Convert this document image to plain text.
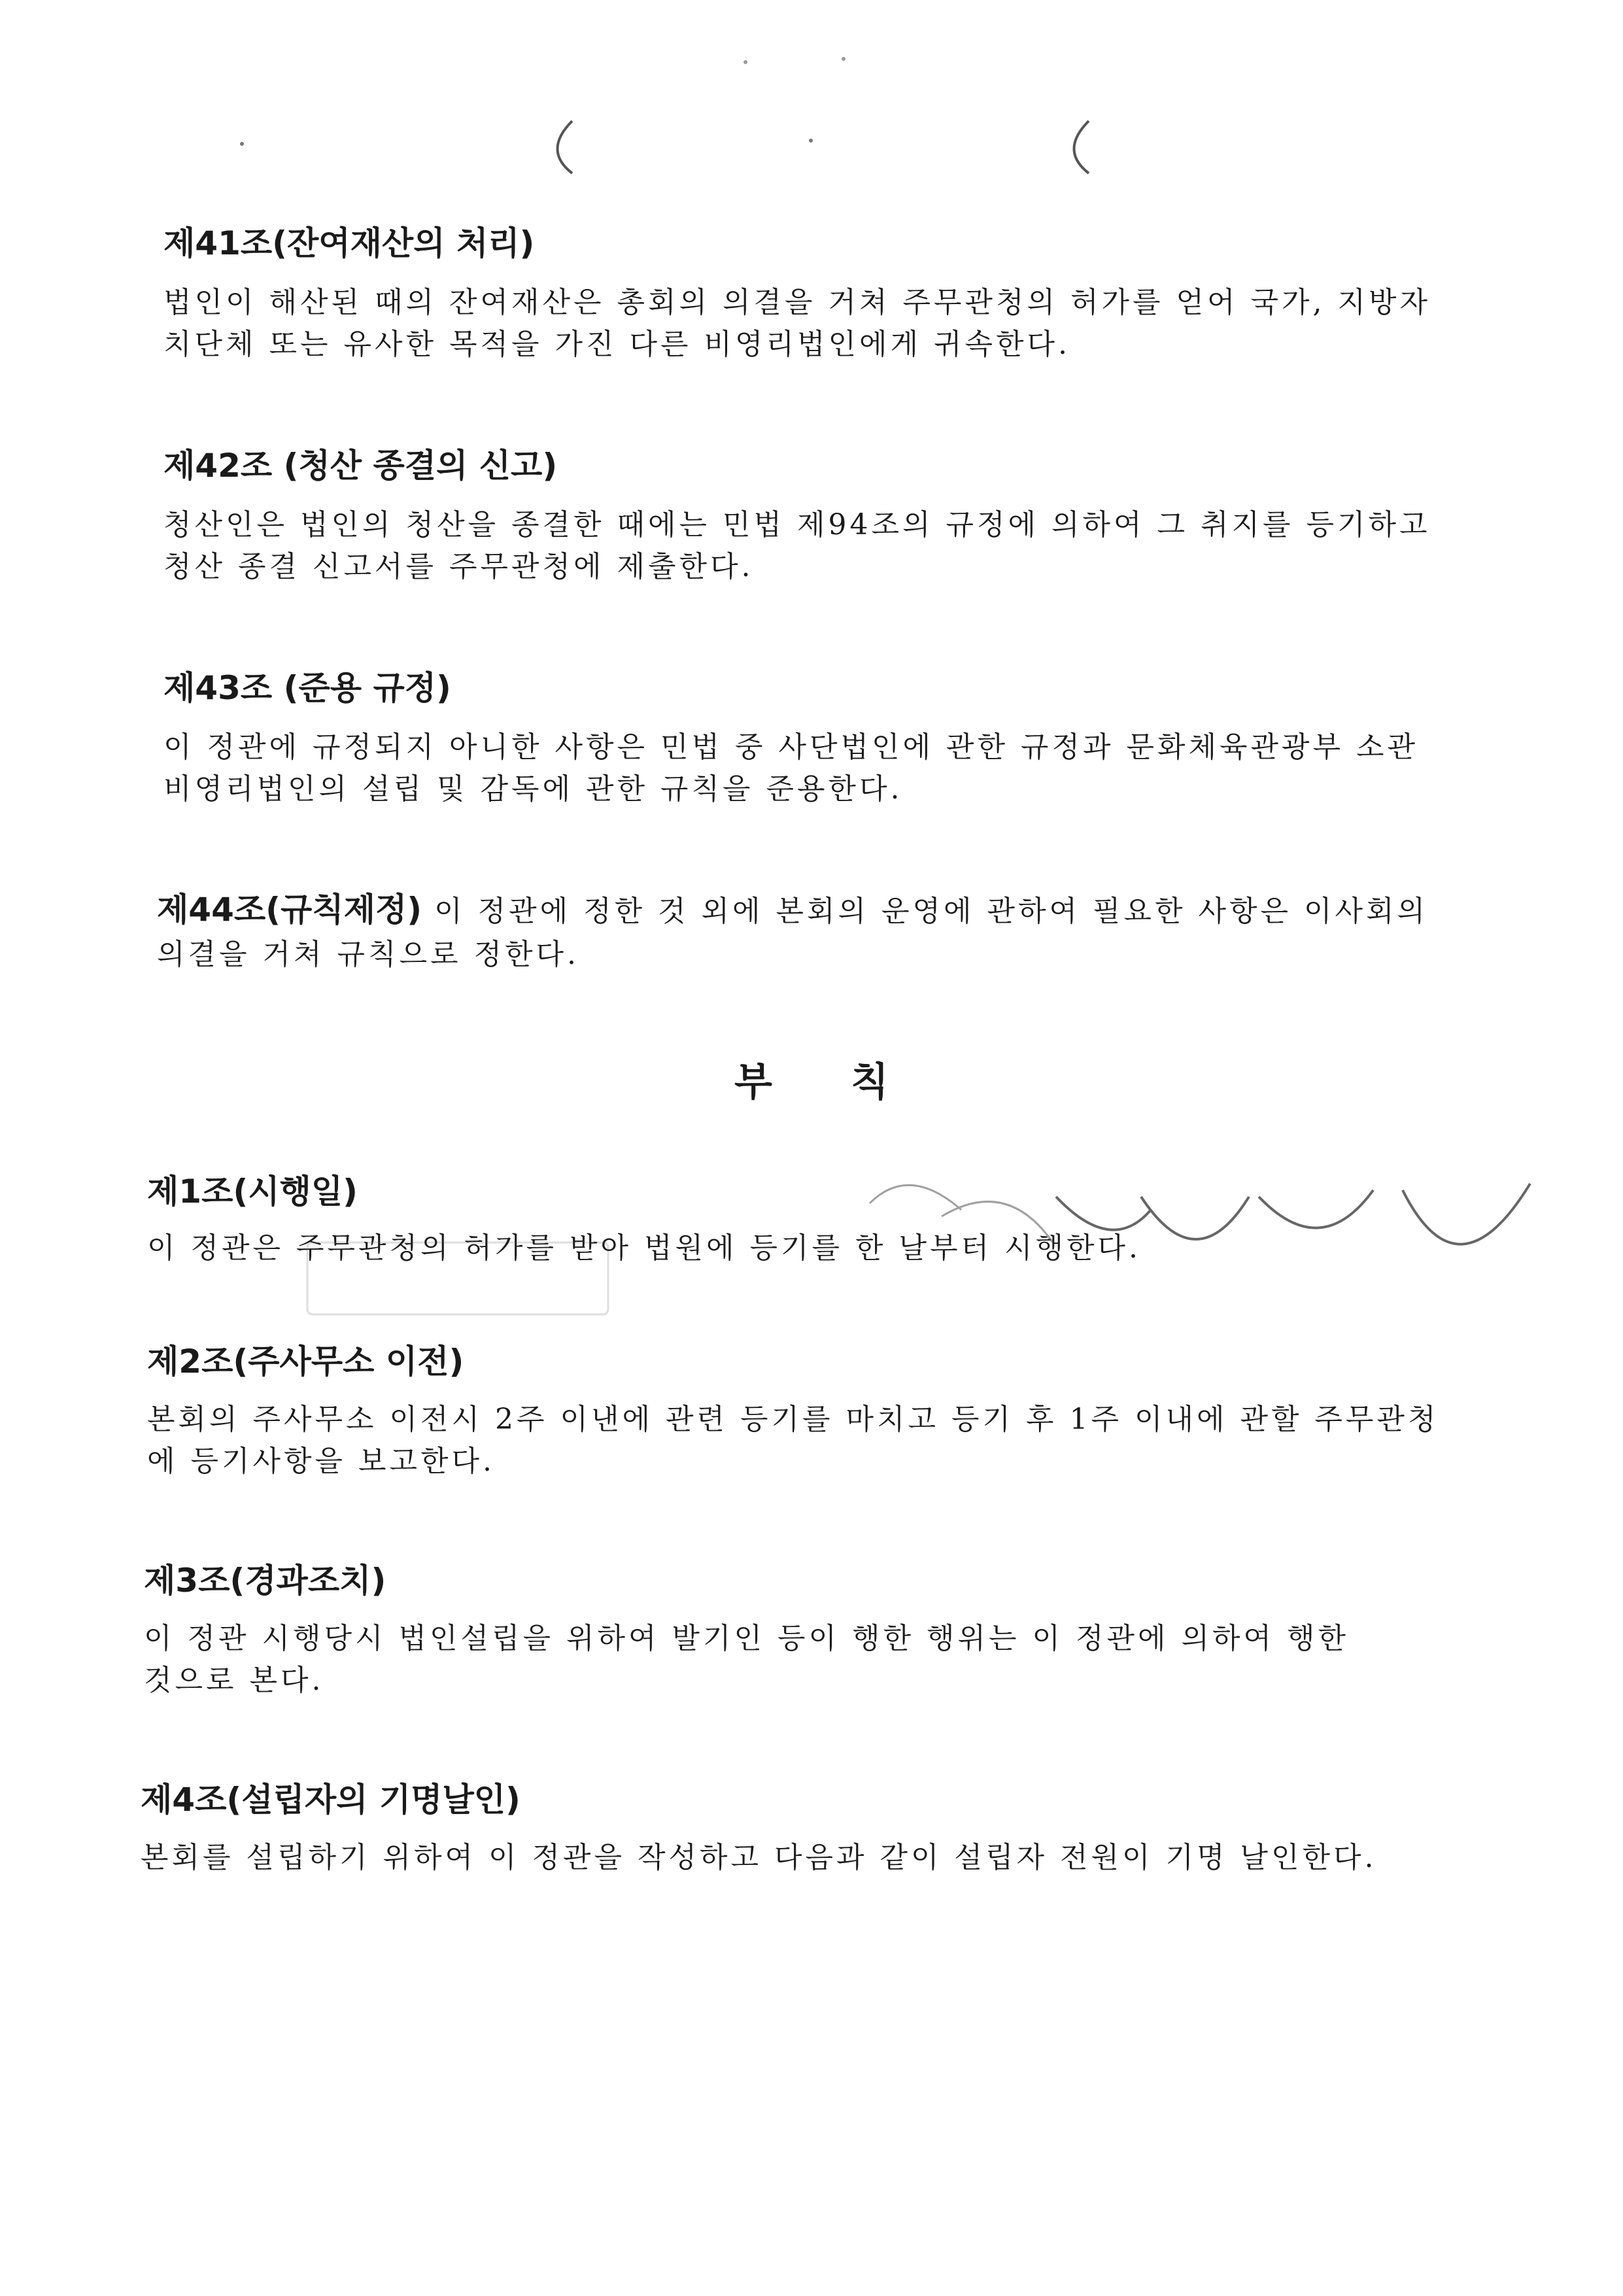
제41조(잔여재산의 처리)

법인이 해산된 때의 잔여재산은 총회의 의결을 거쳐 주무관청의 허가를 얻어 국가, 지방자

치단체 또는 유사한 목적을 가진 다른 비영리법인에게 귀속한다.

제42조 (청산 종결의 신고)

청산인은 법인의 청산을 종결한 때에는 민법 제94조의 규정에 의하여 그 취지를 등기하고

청산 종결 신고서를 주무관청에 제출한다.

제43조 (준용 규정)

이 정관에 규정되지 아니한 사항은 민법 중 사단법인에 관한 규정과 문화체육관광부 소관

비영리법인의 설립 및 감독에 관한 규칙을 준용한다.

제44조(규칙제정) 이 정관에 정한 것 외에 본회의 운영에 관하여 필요한 사항은 이사회의

의결을 거쳐 규칙으로 정한다.

부 칙

제1조(시행일)

이 정관은 주무관청의 허가를 받아 법원에 등기를 한 날부터 시행한다.

제2조(주사무소 이전)

본회의 주사무소 이전시 2주 이낸에 관련 등기를 마치고 등기 후 1주 이내에 관할 주무관청

에 등기사항을 보고한다.

제3조(경과조치)

이 정관 시행당시 법인설립을 위하여 발기인 등이 행한 행위는 이 정관에 의하여 행한

것으로 본다.

제4조(설립자의 기명날인)

본회를 설립하기 위하여 이 정관을 작성하고 다음과 같이 설립자 전원이 기명 날인한다.
